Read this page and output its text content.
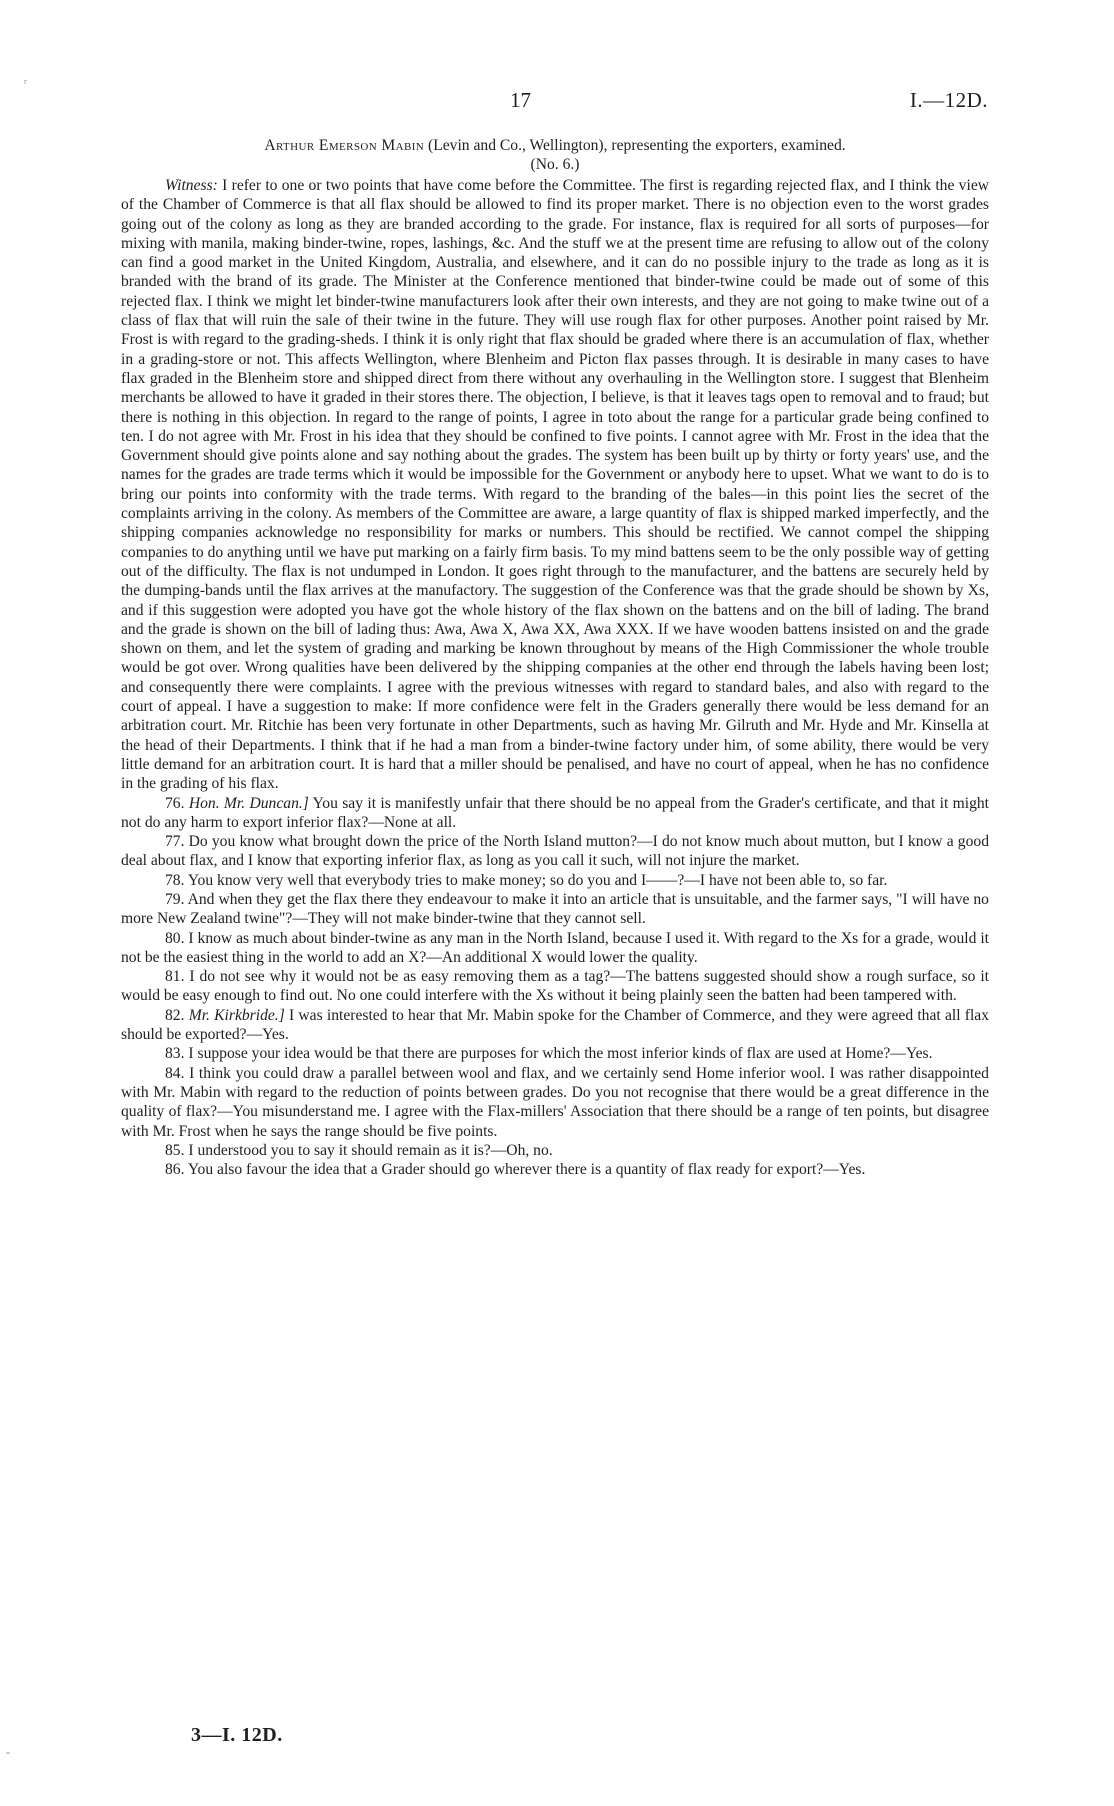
ʳ
17	I.—12D.

Arthur Emerson Mabin (Levin and Co., Wellington), representing the exporters, examined.
(No. 6.)

Witness: I refer to one or two points that have come before the Committee. The first is regarding rejected flax, and I think the view of the Chamber of Commerce is that all flax should be allowed to find its proper market. There is no objection even to the worst grades going out of the colony as long as they are branded according to the grade. For instance, flax is required for all sorts of purposes—for mixing with manila, making binder-twine, ropes, lashings, &c. And the stuff we at the present time are refusing to allow out of the colony can find a good market in the United Kingdom, Australia, and elsewhere, and it can do no possible injury to the trade as long as it is branded with the brand of its grade. The Minister at the Conference mentioned that binder-twine could be made out of some of this rejected flax. I think we might let binder-twine manufacturers look after their own interests, and they are not going to make twine out of a class of flax that will ruin the sale of their twine in the future. They will use rough flax for other purposes. Another point raised by Mr. Frost is with regard to the grading-sheds. I think it is only right that flax should be graded where there is an accumulation of flax, whether in a grading-store or not. This affects Wellington, where Blenheim and Picton flax passes through. It is desirable in many cases to have flax graded in the Blenheim store and shipped direct from there without any overhauling in the Wellington store. I suggest that Blenheim merchants be allowed to have it graded in their stores there. The objection, I believe, is that it leaves tags open to removal and to fraud; but there is nothing in this objection. In regard to the range of points, I agree in toto about the range for a particular grade being confined to ten. I do not agree with Mr. Frost in his idea that they should be confined to five points. I cannot agree with Mr. Frost in the idea that the Government should give points alone and say nothing about the grades. The system has been built up by thirty or forty years' use, and the names for the grades are trade terms which it would be impossible for the Government or anybody here to upset. What we want to do is to bring our points into conformity with the trade terms. With regard to the branding of the bales—in this point lies the secret of the complaints arriving in the colony. As members of the Committee are aware, a large quantity of flax is shipped marked imperfectly, and the shipping companies acknowledge no responsibility for marks or numbers. This should be rectified. We cannot compel the shipping companies to do anything until we have put marking on a fairly firm basis. To my mind battens seem to be the only possible way of getting out of the difficulty. The flax is not undumped in London. It goes right through to the manufacturer, and the battens are securely held by the dumping-bands until the flax arrives at the manufactory. The suggestion of the Conference was that the grade should be shown by Xs, and if this suggestion were adopted you have got the whole history of the flax shown on the battens and on the bill of lading. The brand and the grade is shown on the bill of lading thus: Awa, Awa X, Awa XX, Awa XXX. If we have wooden battens insisted on and the grade shown on them, and let the system of grading and marking be known throughout by means of the High Commissioner the whole trouble would be got over. Wrong qualities have been delivered by the shipping companies at the other end through the labels having been lost; and consequently there were complaints. I agree with the previous witnesses with regard to standard bales, and also with regard to the court of appeal. I have a suggestion to make: If more confidence were felt in the Graders generally there would be less demand for an arbitration court. Mr. Ritchie has been very fortunate in other Departments, such as having Mr. Gilruth and Mr. Hyde and Mr. Kinsella at the head of their Departments. I think that if he had a man from a binder-twine factory under him, of some ability, there would be very little demand for an arbitration court. It is hard that a miller should be penalised, and have no court of appeal, when he has no confidence in the grading of his flax.

76. Hon. Mr. Duncan.] You say it is manifestly unfair that there should be no appeal from the Grader's certificate, and that it might not do any harm to export inferior flax?—None at all.

77. Do you know what brought down the price of the North Island mutton?—I do not know much about mutton, but I know a good deal about flax, and I know that exporting inferior flax, as long as you call it such, will not injure the market.

78. You know very well that everybody tries to make money; so do you and I——?—I have not been able to, so far.

79. And when they get the flax there they endeavour to make it into an article that is unsuitable, and the farmer says, "I will have no more New Zealand twine"?—They will not make binder-twine that they cannot sell.

80. I know as much about binder-twine as any man in the North Island, because I used it. With regard to the Xs for a grade, would it not be the easiest thing in the world to add an X?—An additional X would lower the quality.

81. I do not see why it would not be as easy removing them as a tag?—The battens suggested should show a rough surface, so it would be easy enough to find out. No one could interfere with the Xs without it being plainly seen the batten had been tampered with.

82. Mr. Kirkbride.] I was interested to hear that Mr. Mabin spoke for the Chamber of Commerce, and they were agreed that all flax should be exported?—Yes.

83. I suppose your idea would be that there are purposes for which the most inferior kinds of flax are used at Home?—Yes.

84. I think you could draw a parallel between wool and flax, and we certainly send Home inferior wool. I was rather disappointed with Mr. Mabin with regard to the reduction of points between grades. Do you not recognise that there would be a great difference in the quality of flax?—You misunderstand me. I agree with the Flax-millers' Association that there should be a range of ten points, but disagree with Mr. Frost when he says the range should be five points.

85. I understood you to say it should remain as it is?—Oh, no.

86. You also favour the idea that a Grader should go wherever there is a quantity of flax ready for export?—Yes.

3—I. 12D.
-
